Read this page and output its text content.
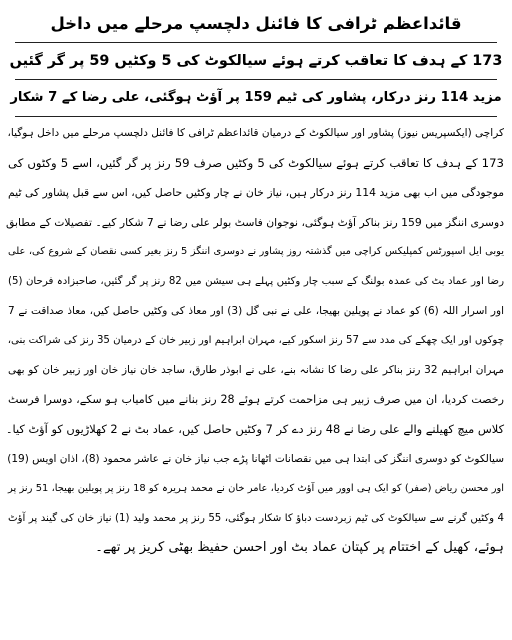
قائداعظم ٹرافی کا فائنل دلچسپ مرحلے میں داخل
173 کے ہدف کا تعاقب کرتے ہوئے سیالکوٹ کی 5 وکٹیں 59 پر گر گئیں
مزید 114 رنز درکار، پشاور کی ٹیم 159 پر آؤٹ ہوگئی، علی رضا کے 7 شکار
کراچی (ایکسپریس نیوز) پشاور اور سیالکوٹ کے درمیان قائداعظم ٹرافی کا فائنل دلچسپ مرحلے میں داخل ہوگیا،
173 کے ہدف کا تعاقب کرتے ہوئے سیالکوٹ کی 5 وکٹیں صرف 59 رنز پر گر گئیں، اسے 5 وکٹوں کی
موجودگی میں اب بھی مزید 114 رنز درکار ہیں، نیاز خان نے چار وکٹیں حاصل کیں، اس سے قبل پشاور کی ٹیم
دوسری اننگز میں 159 رنز بناکر آؤٹ ہوگئی، نوجوان فاسٹ بولر علی رضا نے 7 شکار کیے۔ تفصیلات کے مطابق
یوبی ایل اسپورٹس کمپلیکس کراچی میں گذشتہ روز پشاور نے دوسری اننگز 5 رنز بغیر کسی نقصان کے شروع کی، علی
رضا اور عماد بٹ کی عمدہ بولنگ کے سبب چار وکٹیں پہلے ہی سیشن میں 82 رنز پر گر گئیں، صاحبزادہ فرحان (5)
اور اسرار اللہ (6) کو عماد نے پویلین بھیجا، علی نے نبی گل (3) اور معاذ کی وکٹیں حاصل کیں، معاذ صداقت نے 7
چوکوں اور ایک چھکے کی مدد سے 57 رنز اسکور کیے، مہران ابراہیم اور زبیر خان کے درمیان 35 رنز کی شراکت بنی،
مہران ابراہیم 32 رنز بناکر علی رضا کا نشانہ بنے، علی نے ابوذر طارق، ساجد خان نیاز خان اور زبیر خان کو بھی
رخصت کردیا، ان میں صرف زبیر ہی مزاحمت کرتے ہوئے 28 رنز بنانے میں کامیاب ہو سکے، دوسرا فرسٹ
کلاس میچ کھیلنے والے علی رضا نے 48 رنز دے کر 7 وکٹیں حاصل کیں، عماد بٹ نے 2 کھلاڑیوں کو آؤٹ کیا۔
سیالکوٹ کو دوسری اننگز کی ابتدا ہی میں نقصانات اٹھانا پڑے جب نیاز خان نے عاشر محمود (8)، اذان اویس (19)
اور محسن ریاض (صفر) کو ایک ہی اوور میں آؤٹ کردیا، عامر خان نے محمد ہریرہ کو 18 رنز پر پویلین بھیجا، 51 رنز پر
4 وکٹیں گرنے سے سیالکوٹ کی ٹیم زبردست دباؤ کا شکار ہوگئی، 55 رنز پر محمد ولید (1) نیاز خان کی گیند پر آؤٹ
ہوئے، کھیل کے اختتام پر کپتان عماد بٹ اور احسن حفیظ بھٹی کریز پر تھے۔
